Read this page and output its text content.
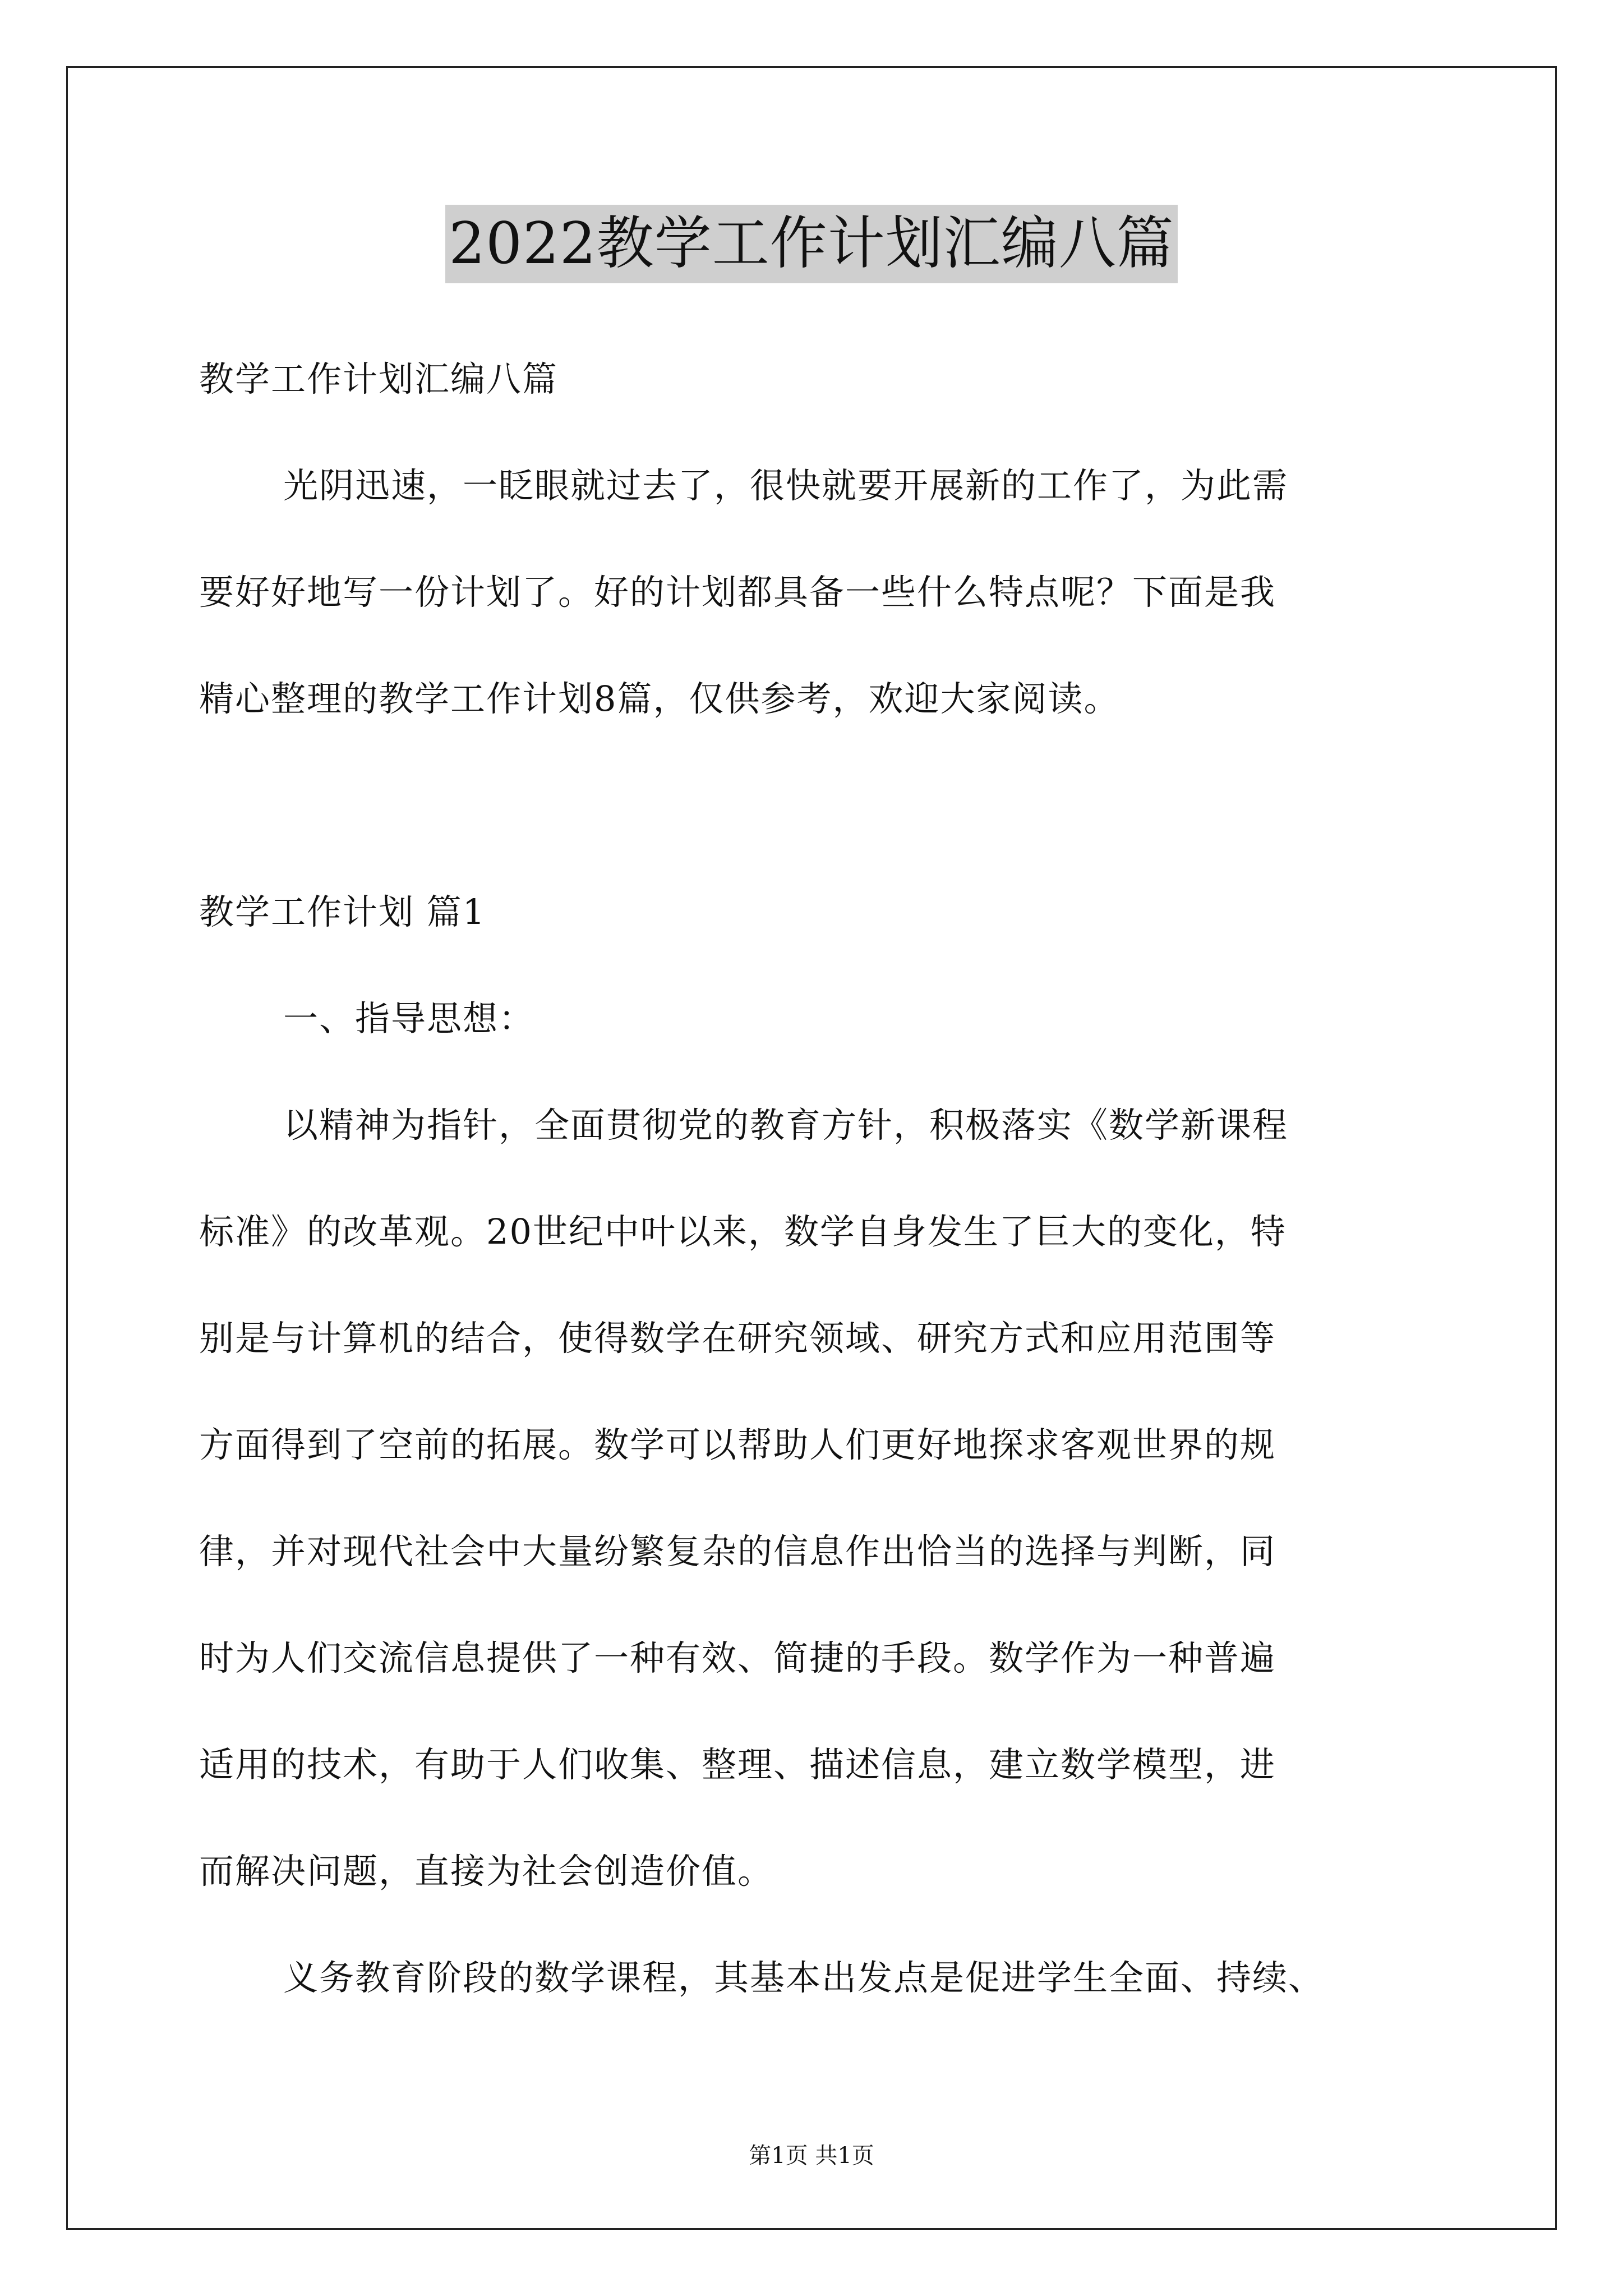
2022教学工作计划汇编八篇
教学工作计划汇编八篇
光阴迅速，一眨眼就过去了，很快就要开展新的工作了，为此需
要好好地写一份计划了。好的计划都具备一些什么特点呢？下面是我
精心整理的教学工作计划8篇，仅供参考，欢迎大家阅读。
教学工作计划 篇1
一、指导思想：
以精神为指针，全面贯彻党的教育方针，积极落实《数学新课程
标准》的改革观。20世纪中叶以来，数学自身发生了巨大的变化，特
别是与计算机的结合，使得数学在研究领域、研究方式和应用范围等
方面得到了空前的拓展。数学可以帮助人们更好地探求客观世界的规
律，并对现代社会中大量纷繁复杂的信息作出恰当的选择与判断，同
时为人们交流信息提供了一种有效、简捷的手段。数学作为一种普遍
适用的技术，有助于人们收集、整理、描述信息，建立数学模型，进
而解决问题，直接为社会创造价值。
义务教育阶段的数学课程，其基本出发点是促进学生全面、持续、
第1页 共1页
